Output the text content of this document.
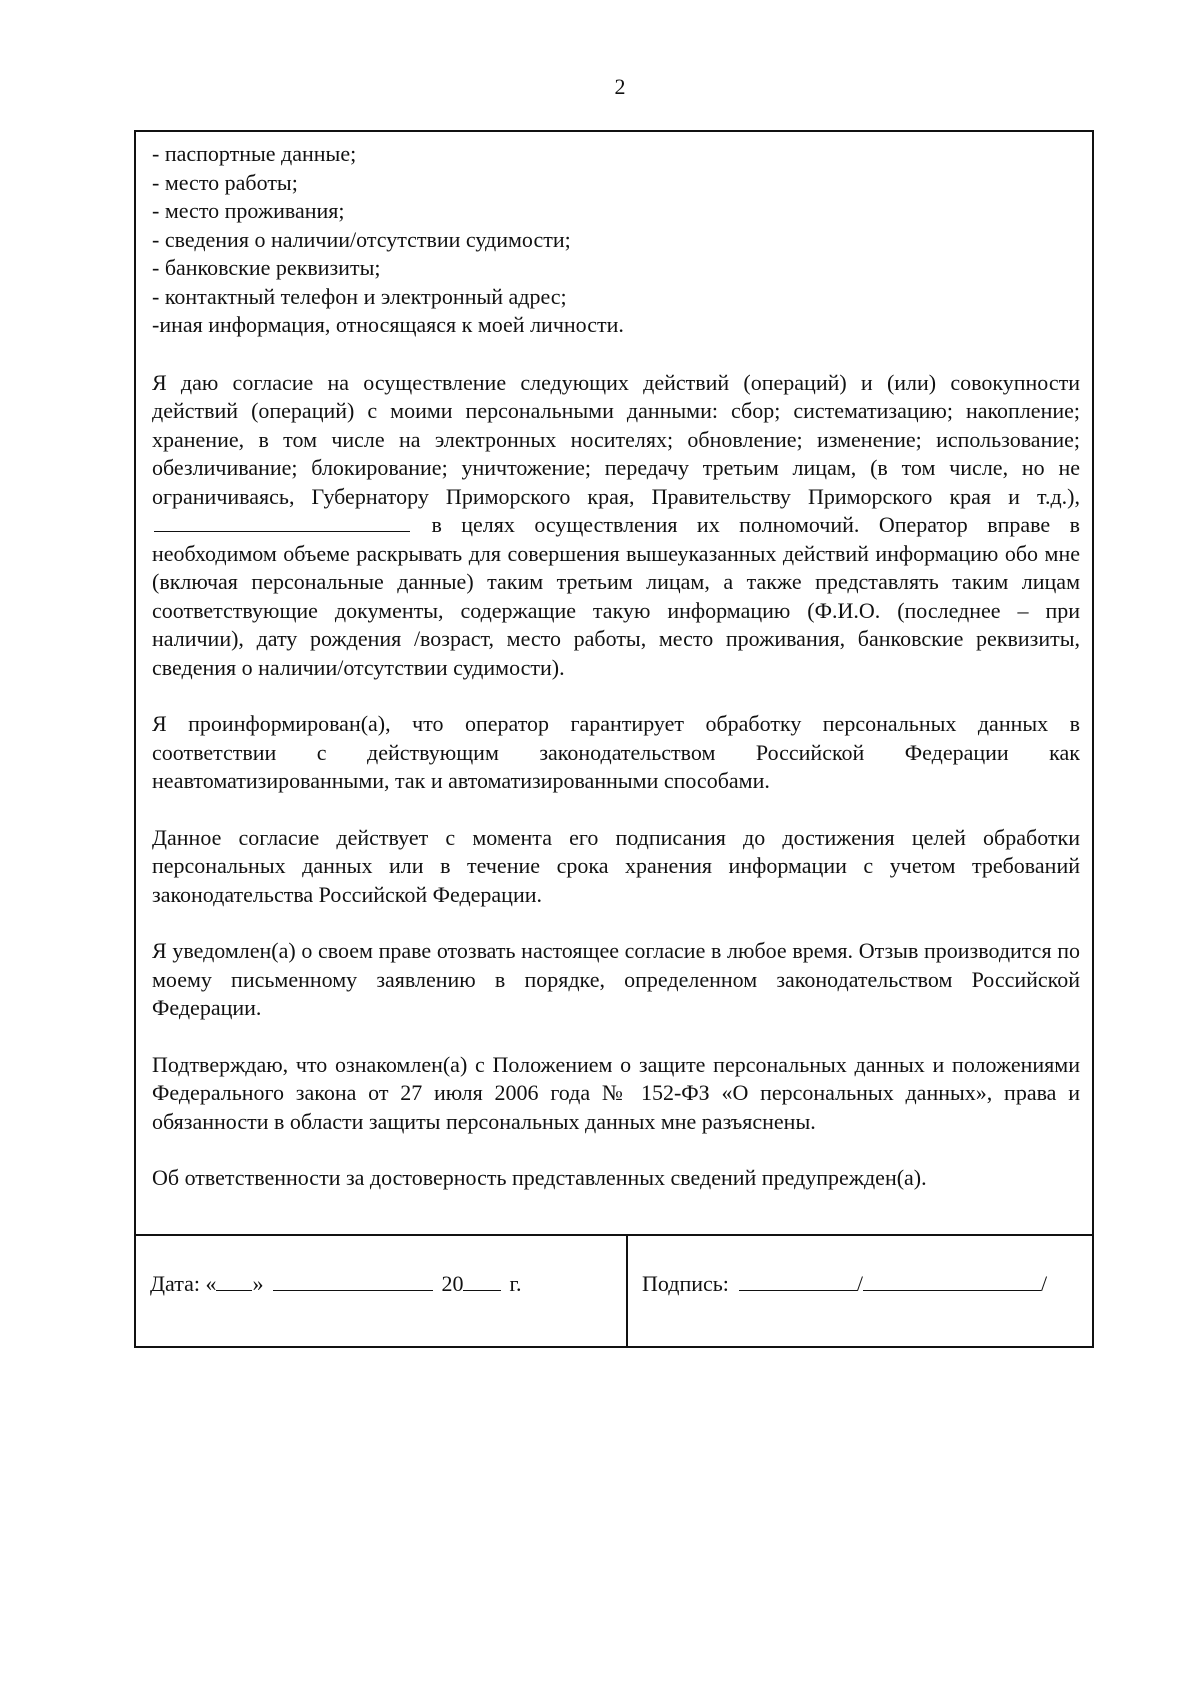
2

- паспортные данные;

- место работы;

- место проживания;

- сведения о наличии/отсутствии судимости;

- банковские реквизиты;

- контактный телефон и электронный адрес;

-иная информация, относящаяся к моей личности.

Я даю согласие на осуществление следующих действий (операций) и (или) совокупности действий (операций) с моими персональными данными: сбор; систематизацию; накопление; хранение, в том числе на электронных носителях; обновление; изменение; использование; обезличивание; блокирование; уничтожение; передачу третьим лицам, (в том числе, но не ограничиваясь, Губернатору Приморского края, Правительству Приморского края и т.д.), в целях осуществления их полномочий. Оператор вправе в необходимом объеме раскрывать для совершения вышеуказанных действий информацию обо мне (включая персональные данные) таким третьим лицам, а также представлять таким лицам соответствующие документы, содержащие такую информацию (Ф.И.О. (последнее – при наличии), дату рождения /возраст, место работы, место проживания, банковские реквизиты, сведения о наличии/отсутствии судимости).

Я проинформирован(а), что оператор гарантирует обработку персональных данных в соответствии с действующим законодательством Российской Федерации как неавтоматизированными, так и автоматизированными способами.

Данное согласие действует с момента его подписания до достижения целей обработки персональных данных или в течение срока хранения информации с учетом требований законодательства Российской Федерации.

Я уведомлен(а) о своем праве отозвать настоящее согласие в любое время. Отзыв производится по моему письменному заявлению в порядке, определенном законодательством Российской Федерации.

Подтверждаю, что ознакомлен(а) с Положением о защите персональных данных и положениями Федерального закона от 27 июля 2006 года № 152-ФЗ «О персональных данных», права и обязанности в области защиты персональных данных мне разъяснены.

Об ответственности за достоверность представленных сведений предупрежден(а).

Дата: « »	20 г.	Подпись:	/	/
